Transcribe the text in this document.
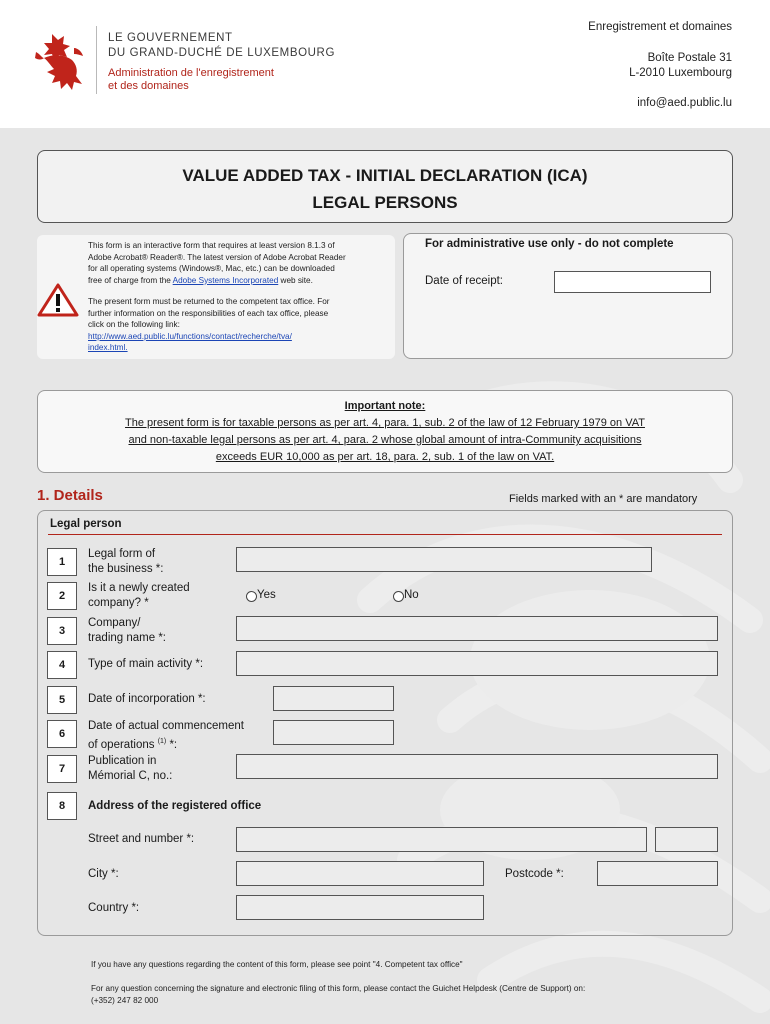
LE GOUVERNEMENT
DU GRAND-DUCHÉ DE LUXEMBOURG
Administration de l'enregistrement
et des domaines
Enregistrement et domaines
Boîte Postale 31
L-2010 Luxembourg
info@aed.public.lu
VALUE ADDED TAX - INITIAL DECLARATION (ICA)
LEGAL PERSONS
This form is an interactive form that requires at least version 8.1.3 of
Adobe Acrobat® Reader®. The latest version of Adobe Acrobat Reader
for all operating systems (Windows®, Mac, etc.) can be downloaded
free of charge from the Adobe Systems Incorporated web site.
The present form must be returned to the competent tax office. For
further information on the responsibilities of each tax office, please
click on the following link:
http://www.aed.public.lu/functions/contact/recherche/tva/
index.html.
For administrative use only - do not complete
Date of receipt:
Important note:
The present form is for taxable persons as per art. 4, para. 1, sub. 2 of the law of 12 February 1979 on VAT
and non-taxable legal persons as per art. 4, para. 2 whose global amount of intra-Community acquisitions
exceeds EUR 10,000 as per art. 18, para. 2, sub. 1 of the law on VAT.
1. Details	Fields marked with an * are mandatory
Legal person
1
Legal form of
the business *:
2
Is it a newly created
company? *
Yes	No
3
Company/
trading name *:
4	Type of main activity *:
5	Date of incorporation *:
6
Date of actual commencement
of operations $^{(1)}$ *:
7
Publication in
Mémorial C, no.:
8	Address of the registered office
Street and number *:
City *:	Postcode *:
Country *:
If you have any questions regarding the content of this form, please see point "4. Competent tax office"
For any question concerning the signature and electronic filing of this form, please contact the Guichet Helpdesk (Centre de Support) on:
(+352) 247 82 000
